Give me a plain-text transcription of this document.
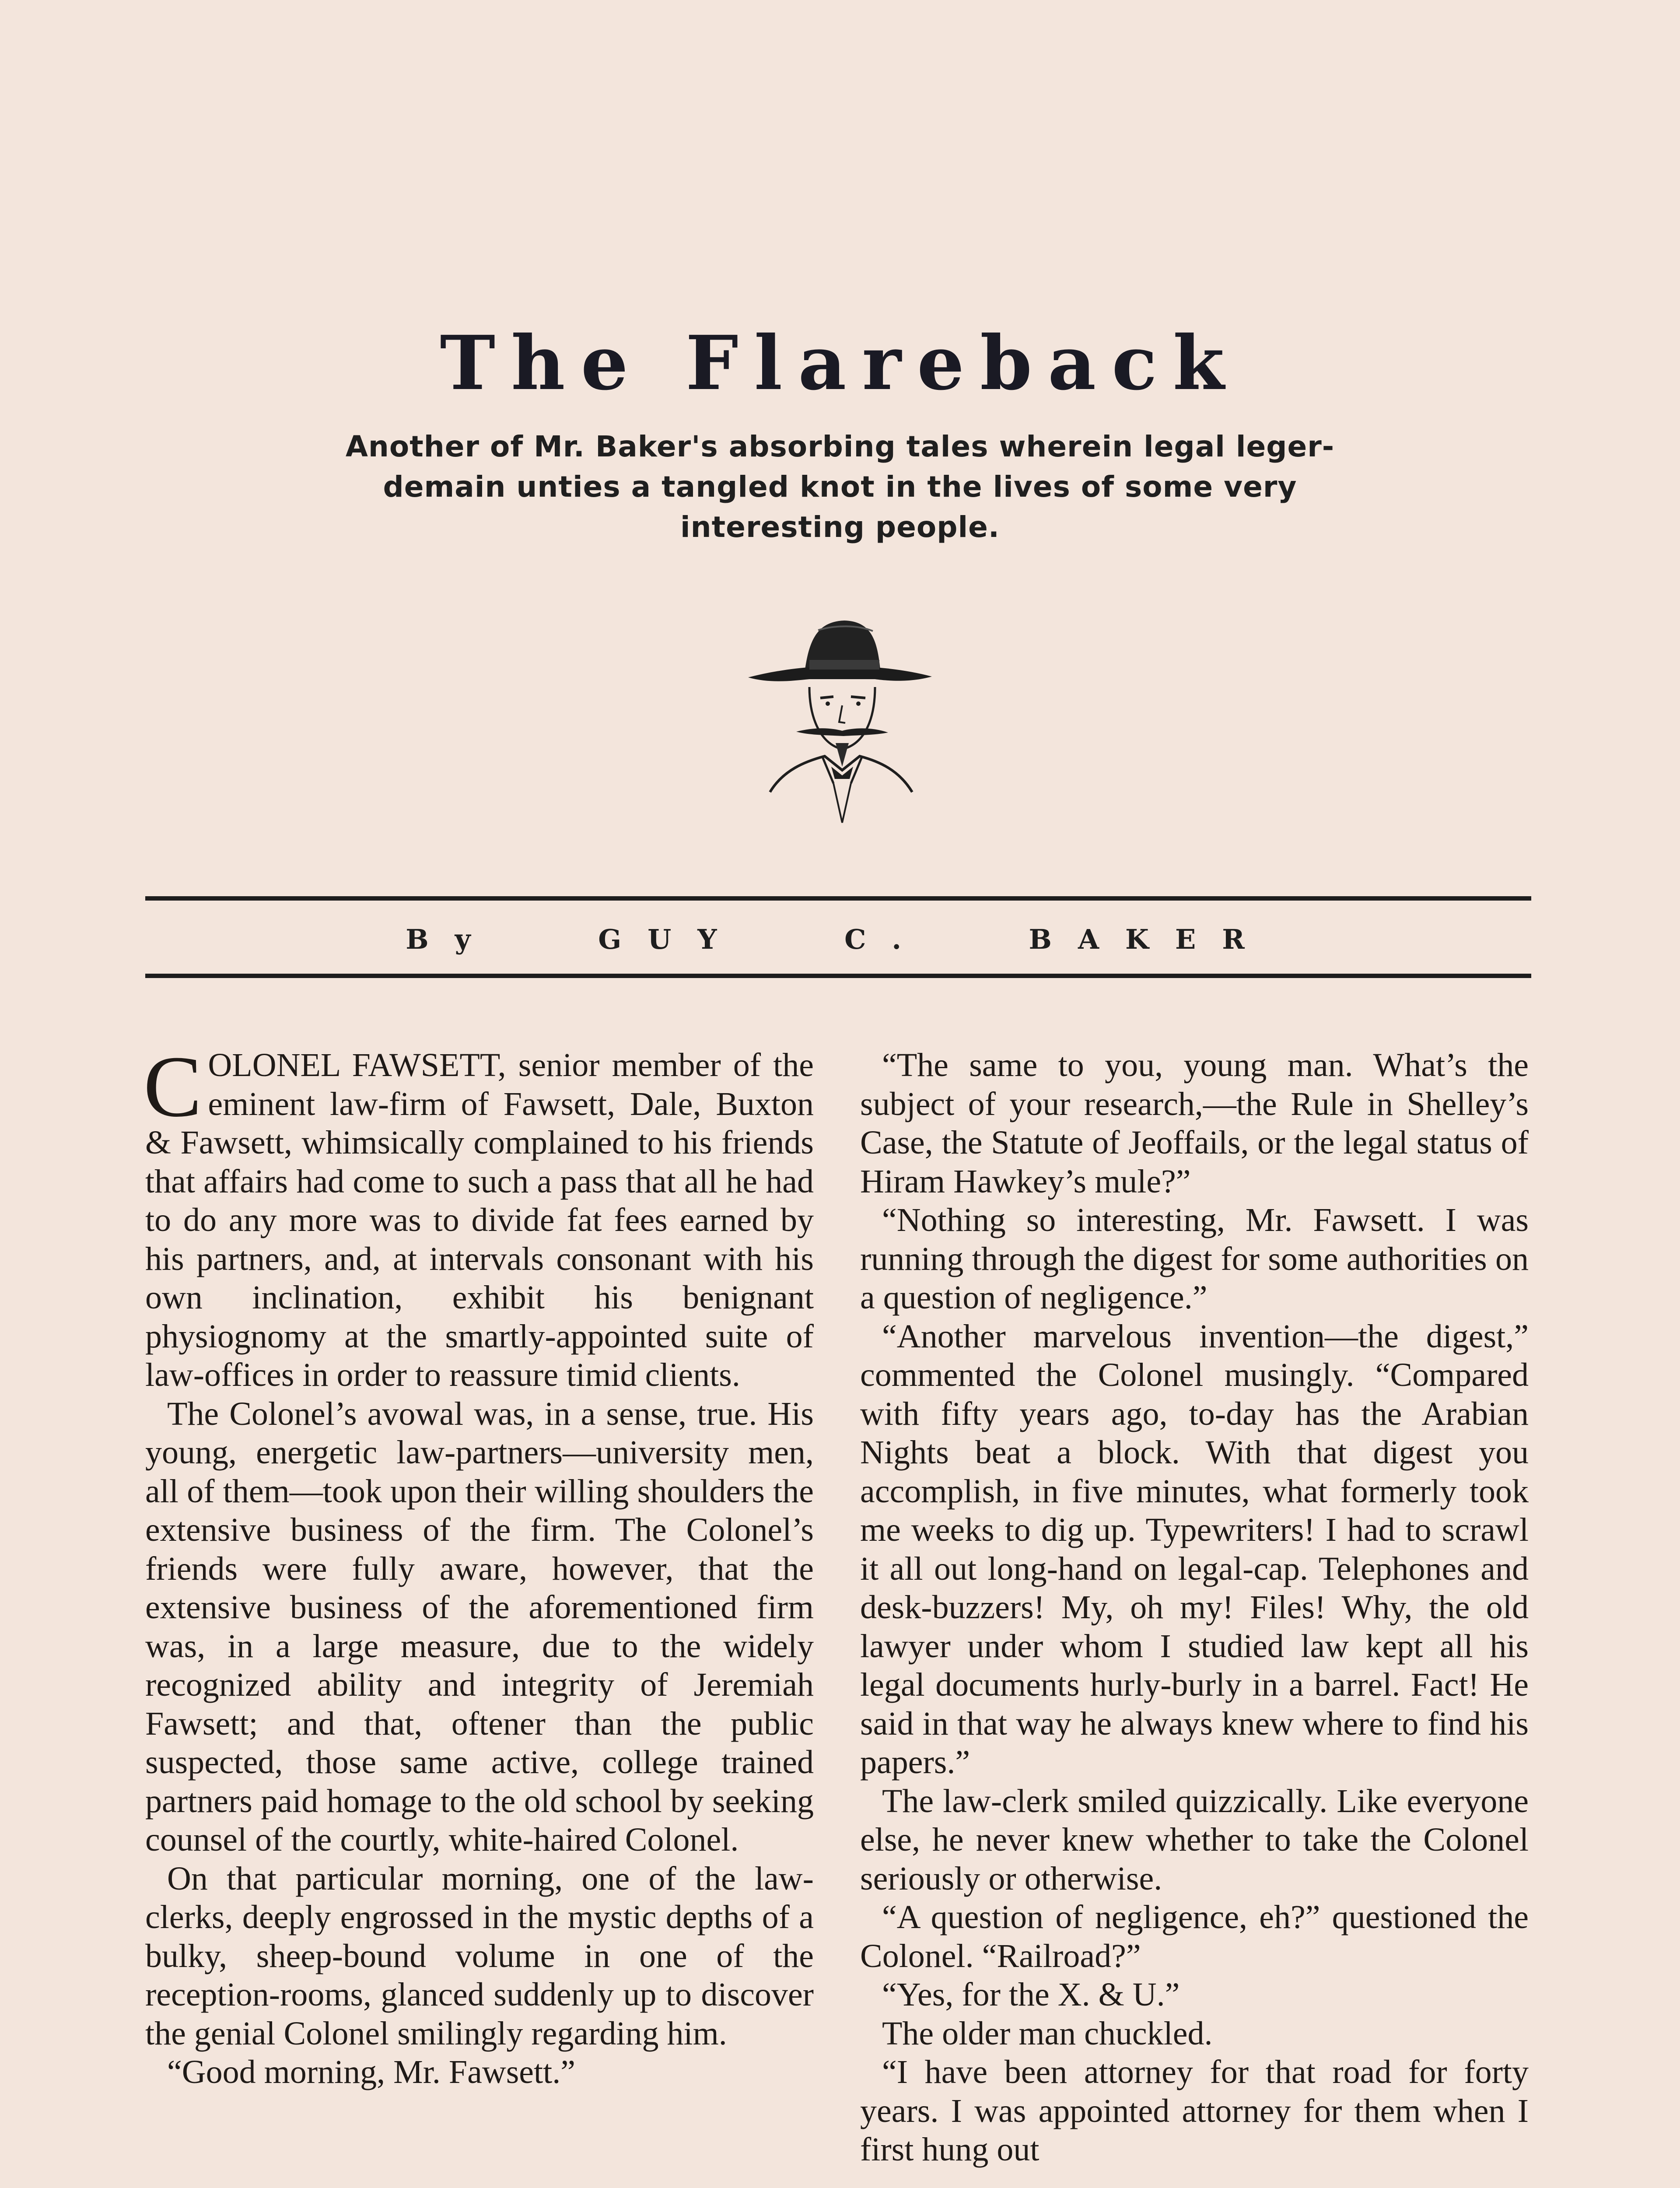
The Flareback
Another of Mr. Baker's absorbing tales wherein legal leger- demain unties a tangled knot in the lives of some very interesting people.
By GUY C. BAKER

COLONEL FAWSETT, senior member of the eminent law-firm of Fawsett, Dale, Buxton & Fawsett, whimsically complained to his friends that affairs had come to such a pass that all he had to do any more was to divide fat fees earned by his partners, and, at intervals consonant with his own inclination, exhibit his benignant physiognomy at the smartly-appointed suite of law-offices in order to reassure timid clients.

The Colonel’s avowal was, in a sense, true. His young, energetic law-partners—university men, all of them—took upon their willing shoulders the extensive business of the firm. The Colonel’s friends were fully aware, however, that the extensive business of the aforementioned firm was, in a large measure, due to the widely recognized ability and integrity of Jeremiah Fawsett; and that, oftener than the public suspected, those same active, college trained partners paid homage to the old school by seeking counsel of the courtly, white-haired Colonel.

On that particular morning, one of the law-clerks, deeply engrossed in the mystic depths of a bulky, sheep-bound volume in one of the reception-rooms, glanced suddenly up to discover the genial Colonel smilingly regarding him.

“Good morning, Mr. Fawsett.”

“The same to you, young man. What’s the subject of your research,—the Rule in Shelley’s Case, the Statute of Jeoffails, or the legal status of Hiram Hawkey’s mule?”

“Nothing so interesting, Mr. Fawsett. I was running through the digest for some authorities on a question of negligence.”

“Another marvelous invention—the digest,” commented the Colonel musingly. “Compared with fifty years ago, to-day has the Arabian Nights beat a block. With that digest you accomplish, in five minutes, what formerly took me weeks to dig up. Typewriters! I had to scrawl it all out long-hand on legal-cap. Telephones and desk-buzzers! My, oh my! Files! Why, the old lawyer under whom I studied law kept all his legal documents hurly-burly in a barrel. Fact! He said in that way he always knew where to find his papers.”

The law-clerk smiled quizzically. Like everyone else, he never knew whether to take the Colonel seriously or otherwise.

“A question of negligence, eh?” questioned the Colonel. “Railroad?”

“Yes, for the X. & U.”

The older man chuckled.

“I have been attorney for that road for forty years. I was appointed attorney for them when I first hung out
